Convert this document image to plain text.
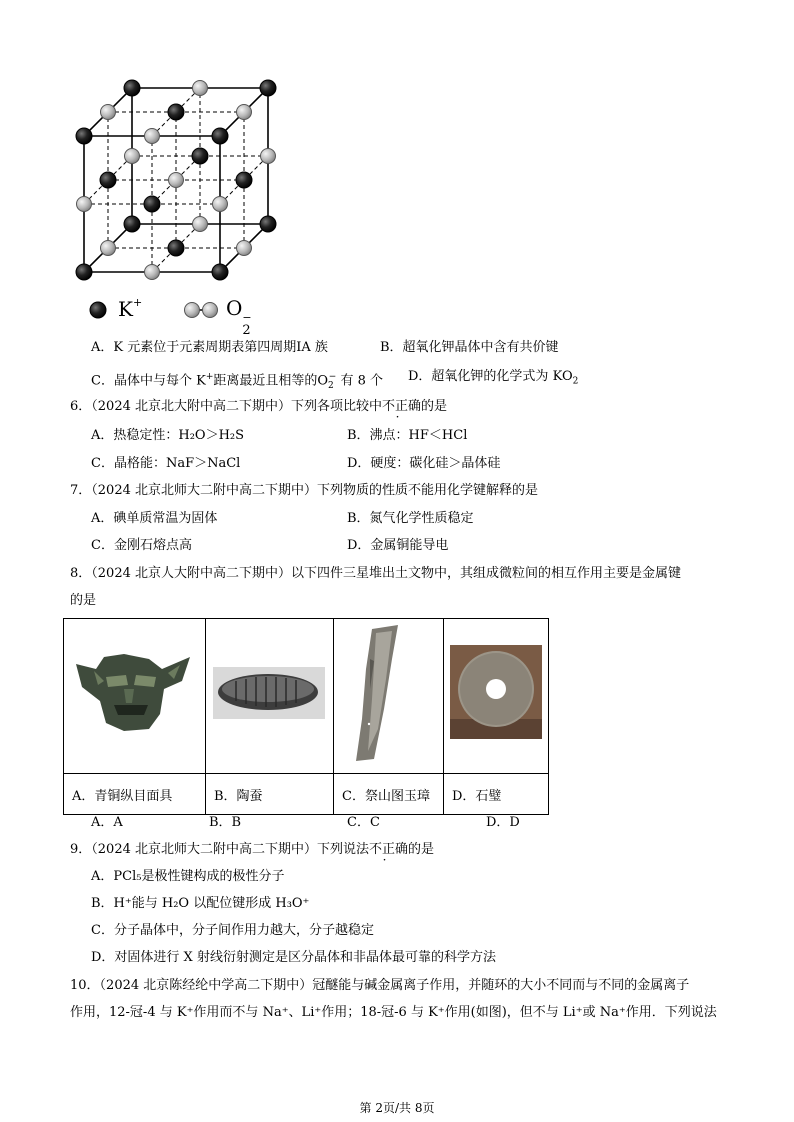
K+	O −
2
A．K 元素位于元素周期表第四周期ⅠA 族	B．超氧化钾晶体中含有共价键
C．晶体中与每个 K+距离最近且相等的$O_2^-$ 有 8 个 D．超氧化钾的化学式为 $KO_2$
6．（2024 北京北大附中高二下期中）下列各项比较中不正确的是
A．热稳定性：H₂O＞H₂S	B．沸点：HF＜HCl
C．晶格能：NaF＞NaCl	D．硬度：碳化硅＞晶体硅
7．（2024 北京北师大二附中高二下期中）下列物质的性质不能用化学键解释的是
A．碘单质常温为固体	B．氮气化学性质稳定
C．金刚石熔点高	D．金属铜能导电
8．（2024 北京人大附中高二下期中）以下四件三星堆出土文物中，其组成微粒间的相互作用主要是金属键
的是

A．青铜纵目面具	B．陶蚕	C．祭山图玉璋	D．石璧
A．A	B．B	C．C	D．D
9．（2024 北京北师大二附中高二下期中）下列说法不正确的是
A．PCl₅是极性键构成的极性分子
B．H⁺能与 H₂O 以配位键形成 H₃O⁺
C．分子晶体中，分子间作用力越大，分子越稳定
D．对固体进行 X 射线衍射测定是区分晶体和非晶体最可靠的科学方法
10．（2024 北京陈经纶中学高二下期中）冠醚能与碱金属离子作用，并随环的大小不同而与不同的金属离子
作用，12-冠-4 与 K⁺作用而不与 Na⁺、Li⁺作用；18-冠-6 与 K⁺作用(如图)，但不与 Li⁺或 Na⁺作用．下列说法
第 2页/共 8页
